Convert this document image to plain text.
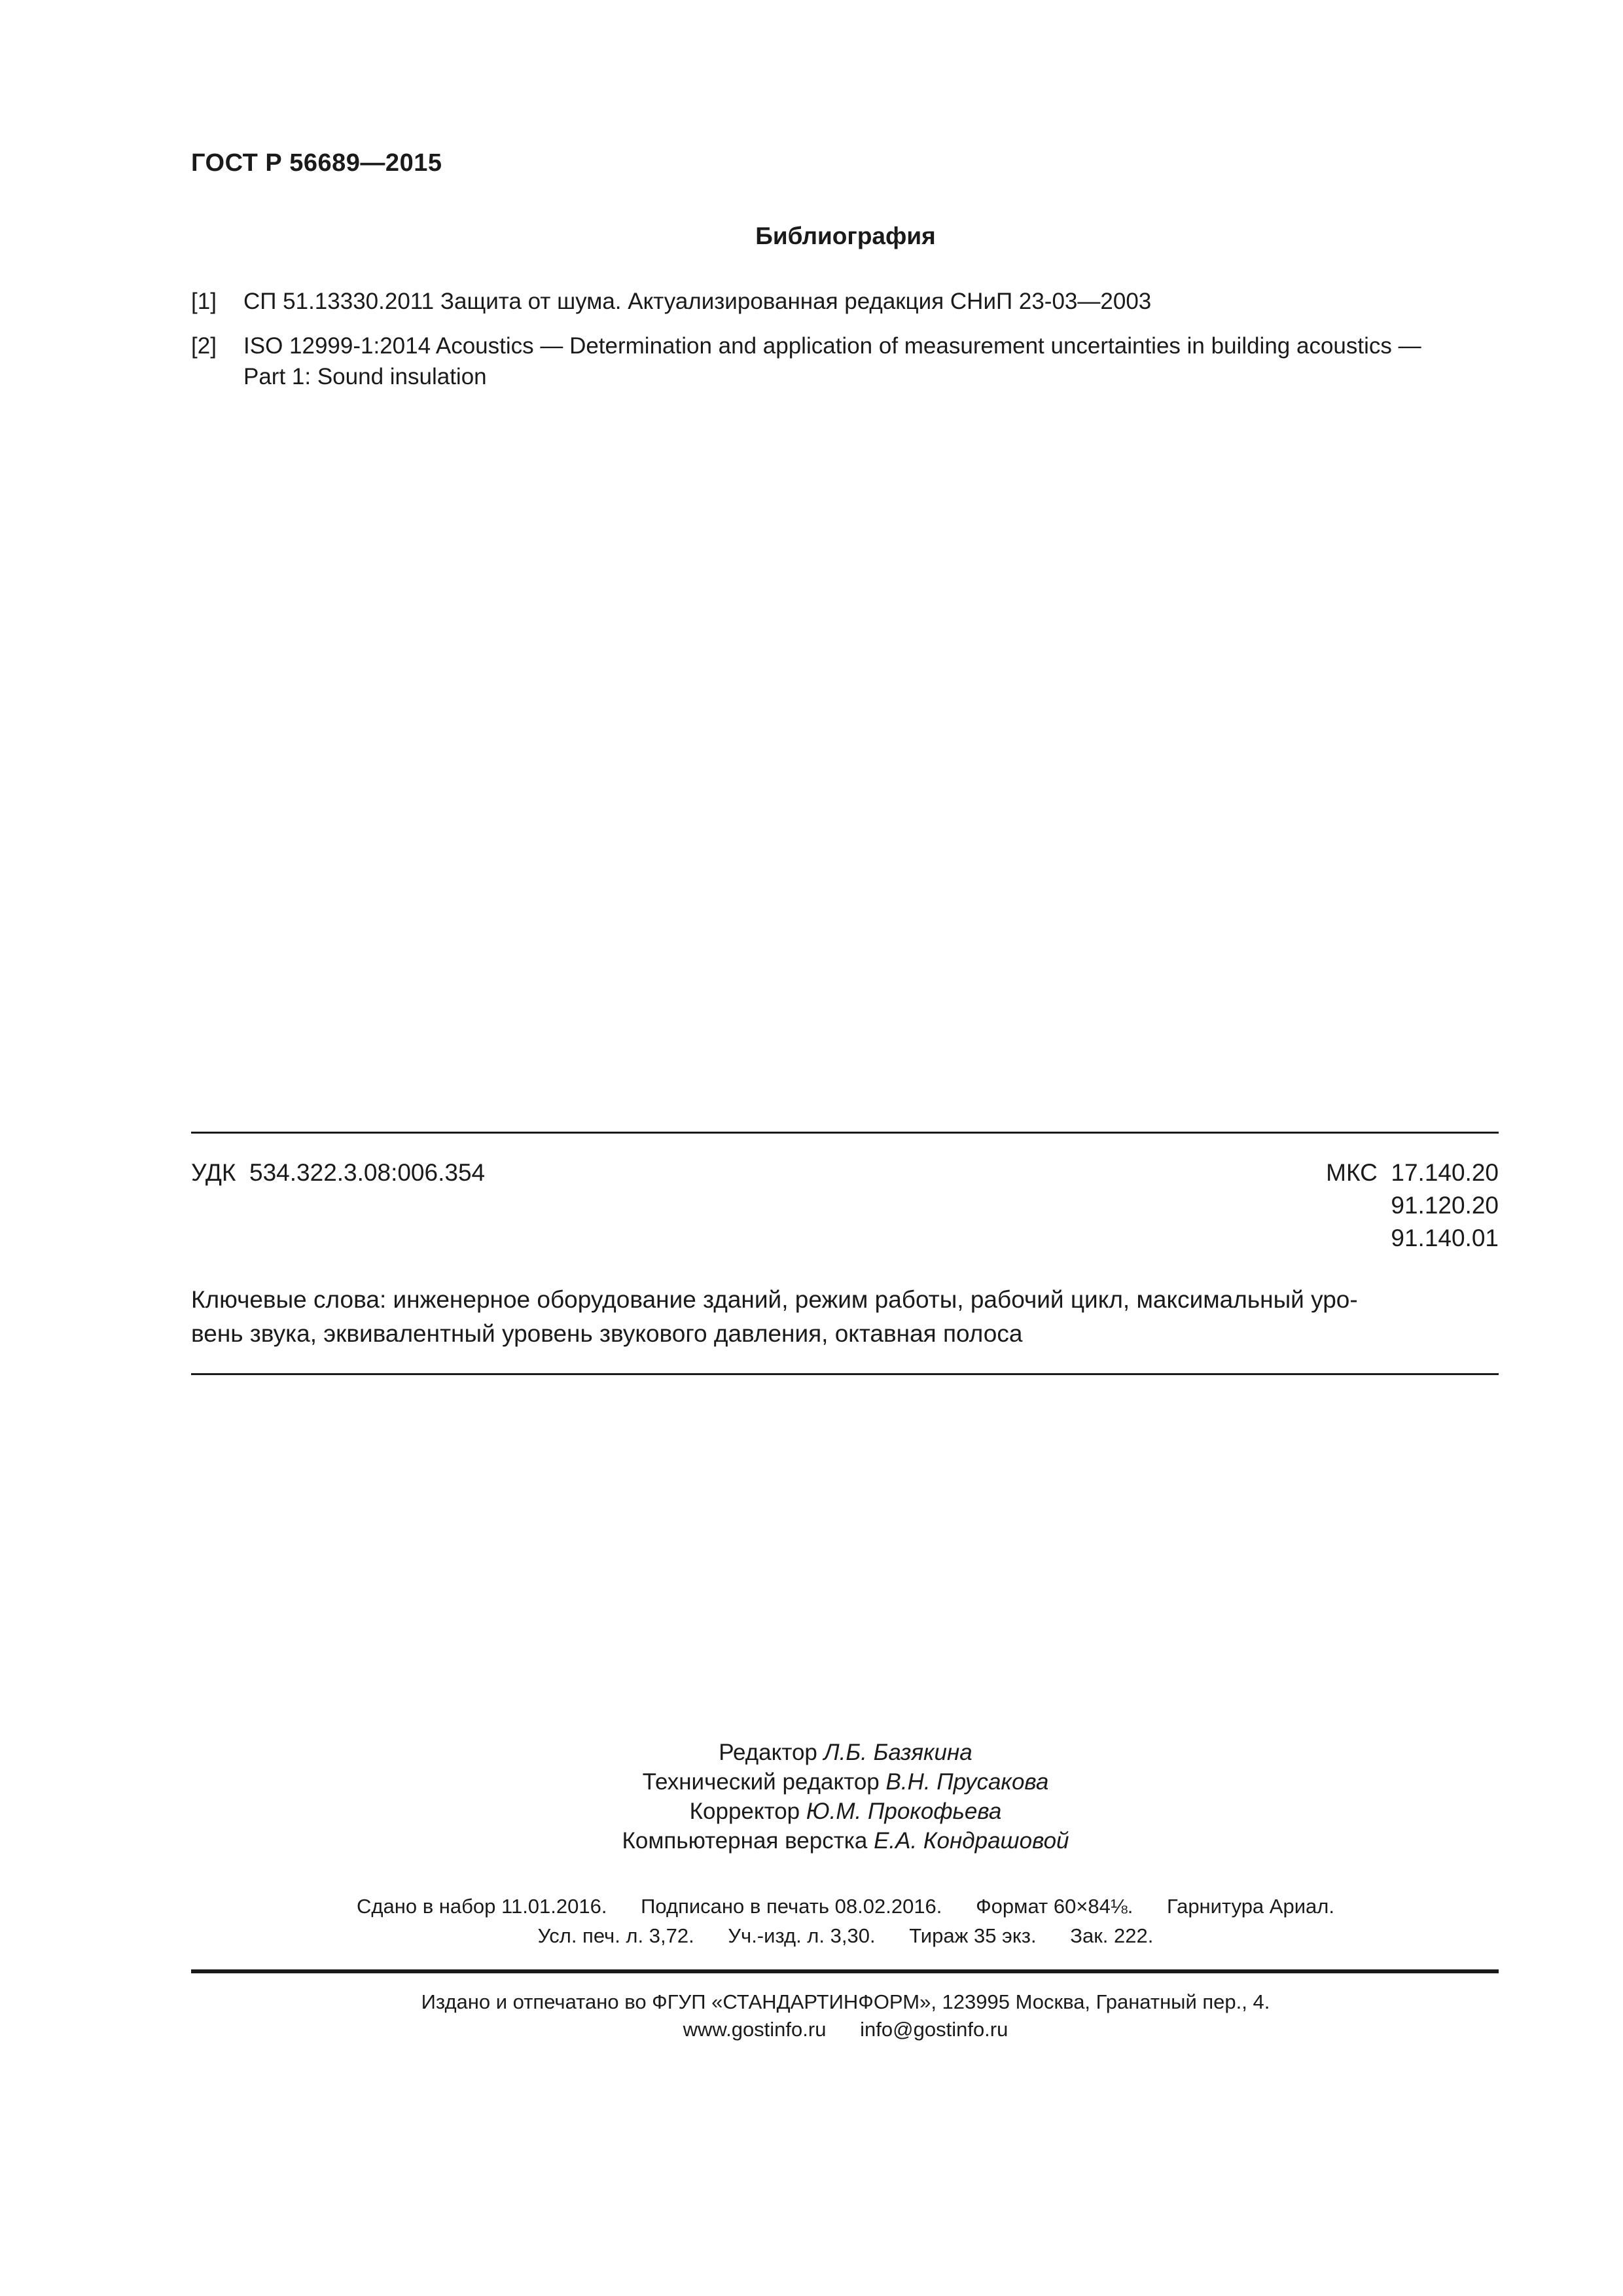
ГОСТ Р 56689—2015
Библиография
[1] СП 51.13330.2011 Защита от шума. Актуализированная редакция СНиП 23-03—2003
[2] ISO 12999-1:2014 Acoustics — Determination and application of measurement uncertainties in building acoustics —
Part 1: Sound insulation
УДК 534.322.3.08:006.354	МКС 17.140.20
91.120.20
91.140.01
Ключевые слова: инженерное оборудование зданий, режим работы, рабочий цикл, максимальный уро-
вень звука, эквивалентный уровень звукового давления, октавная полоса
Редактор Л.Б. Базякина
Технический редактор В.Н. Прусакова
Корректор Ю.М. Прокофьева
Компьютерная верстка Е.А. Кондрашовой
Сдано в набор 11.01.2016.      Подписано в печать 08.02.2016.      Формат 60×84⅛.      Гарнитура Ариал.
Усл. печ. л. 3,72.      Уч.-изд. л. 3,30.      Тираж 35 экз.      Зак. 222.
Издано и отпечатано во ФГУП «СТАНДАРТИНФОРМ», 123995 Москва, Гранатный пер., 4.
www.gostinfo.ru info@gostinfo.ru
